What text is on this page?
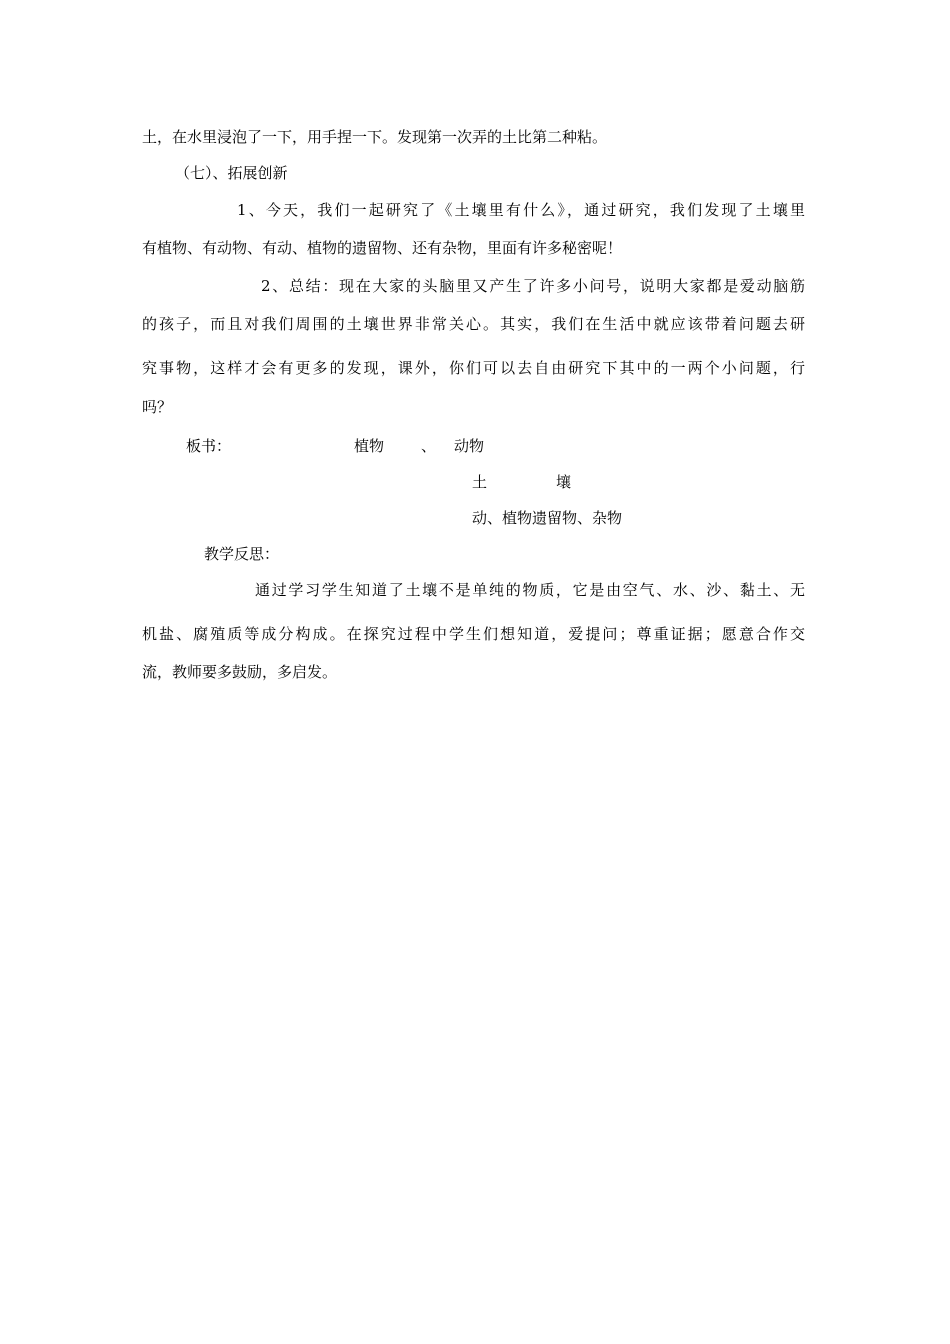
土，在水里浸泡了一下，用手捏一下。发现第一次弄的土比第二种粘。
（七）、拓展创新
1、今天，我们一起研究了《土壤里有什么》，通过研究，我们发现了土壤里
有植物、有动物、有动、植物的遗留物、还有杂物，里面有许多秘密呢！
2、总结：现在大家的头脑里又产生了许多小问号，说明大家都是爱动脑筋
的孩子，而且对我们周围的土壤世界非常关心。其实，我们在生活中就应该带着问题去研
究事物，这样才会有更多的发现，课外，你们可以去自由研究下其中的一两个小问题，行
吗？
板书：	植物 、 动物
土	壤
动、植物遗留物、杂物
教学反思：
通过学习学生知道了土壤不是单纯的物质，它是由空气、水、沙、黏土、无
机盐、腐殖质等成分构成。在探究过程中学生们想知道，爱提问；尊重证据；愿意合作交
流，教师要多鼓励，多启发。
